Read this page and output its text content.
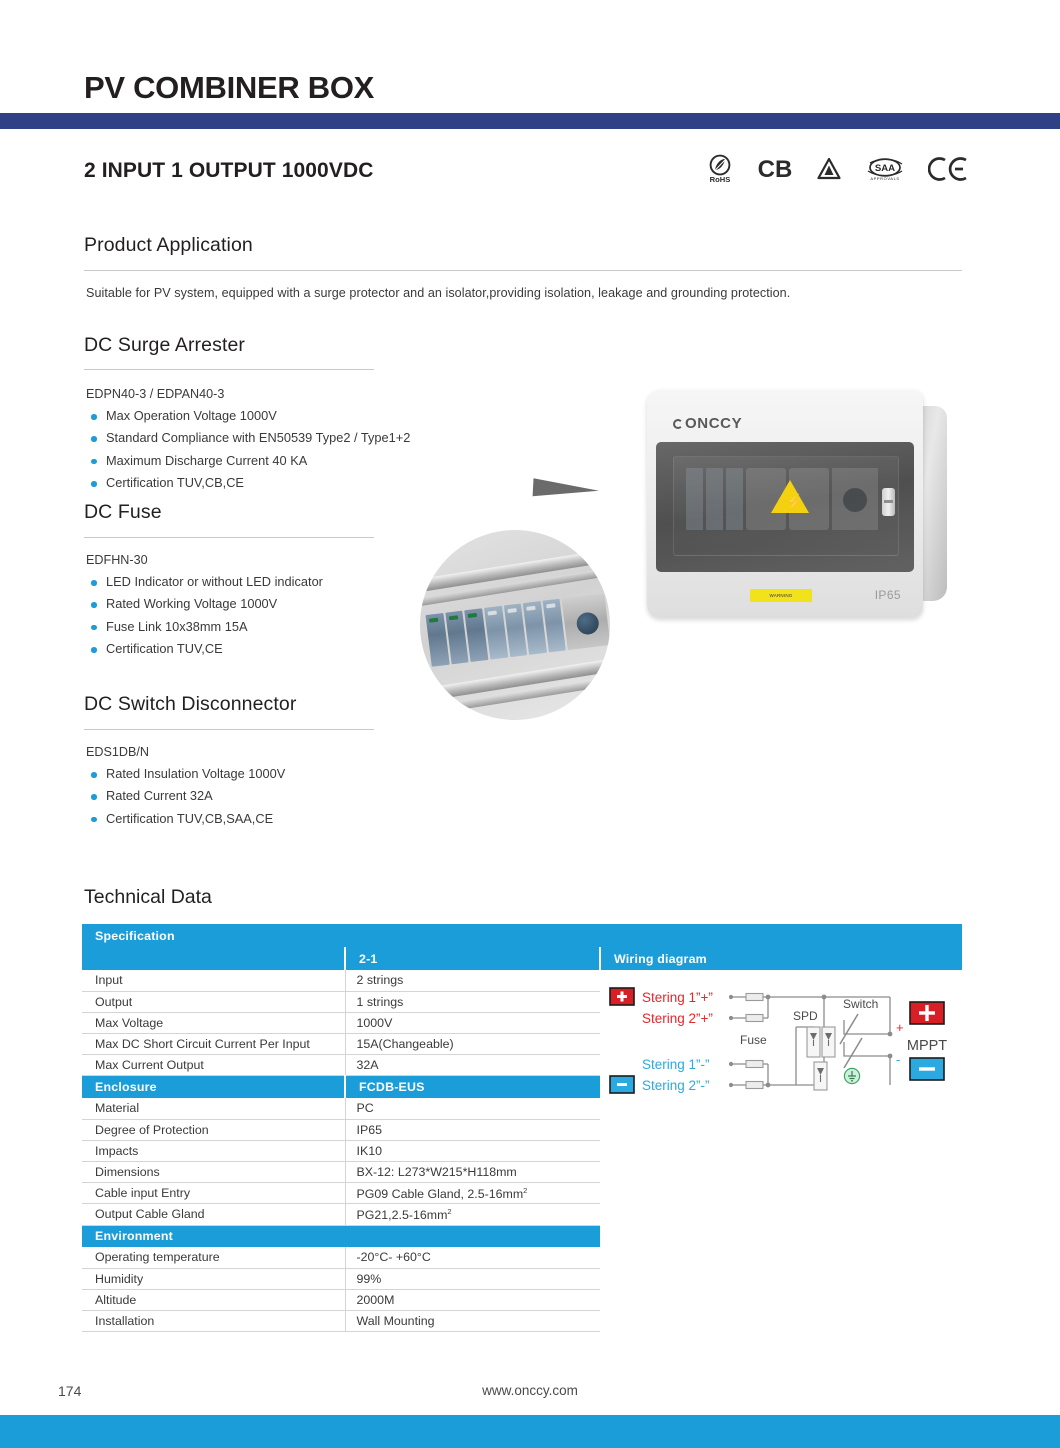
PV COMBINER BOX
2 INPUT 1 OUTPUT 1000VDC	RoHS CB	SAA
APPROVALS
Product Application
Suitable for PV system, equipped with a surge protector and an isolator,providing isolation, leakage and grounding protection.
DC Surge Arrester
EDPN40-3 / EDPAN40-3
Max Operation Voltage 1000V
Standard Compliance with EN50539 Type2 / Type1+2
Maximum Discharge Current 40 KA
Certification TUV,CB,CE
DC Fuse
EDFHN-30
LED Indicator or without LED indicator
Rated Working Voltage 1000V
Fuse Link 10x38mm 15A
Certification TUV,CE
DC Switch Disconnector
EDS1DB/N
Rated Insulation Voltage 1000V
Rated Current 32A
Certification TUV,CB,SAA,CE
ONCCY
⚡
WARNING	IP65
Technical Data
Specification		
	2-1	Wiring diagram
Input	2 strings	
Output	1 strings	
Max Voltage	1000V	
Max DC Short Circuit Current Per Input	15A(Changeable)	
Max Current Output	32A	
Enclosure	FCDB-EUS	
Material	PC	
Degree of Protection	IP65	
Impacts	IK10	
Dimensions	BX-12: L273*W215*H118mm	
Cable input Entry	PG09 Cable Gland, $2.5-16mm^2$
Output Cable Gland	$PG21,2.5-16mm^2$
Environment		
Operating temperature	-20°C- +60°C	
Humidity	99%	
Altitude	2000M	
Installation	Wall Mounting	
Stering 1”+”
Stering 2”+”
Stering 1”-”
Stering 2”-”
Fuse
SPD
Switch
+
-
MPPT
174	www.onccy.com
